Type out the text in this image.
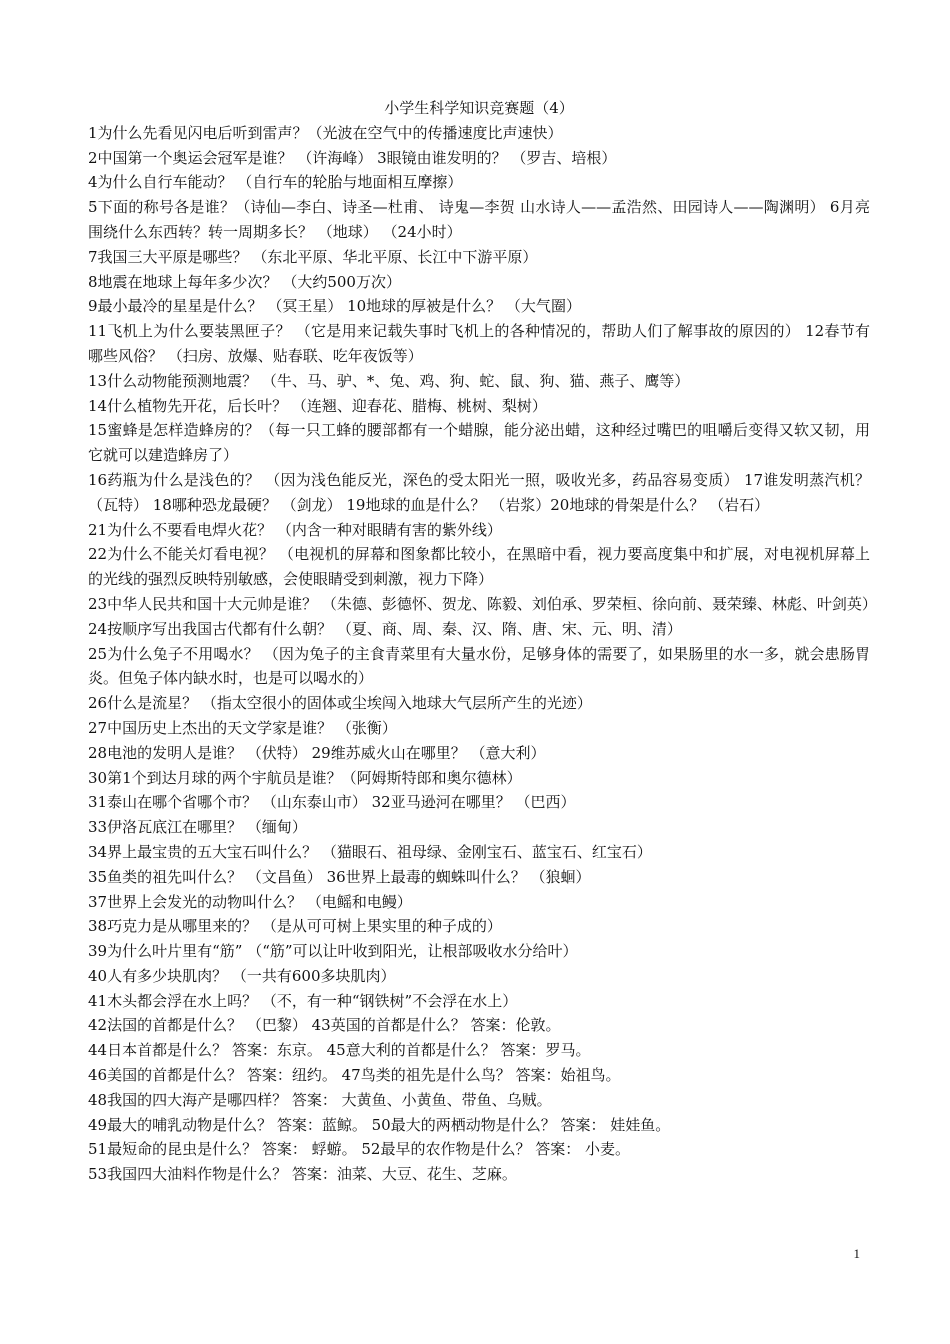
小学生科学知识竞赛题（4）
1为什么先看见闪电后听到雷声？（光波在空气中的传播速度比声速快）
2中国第一个奥运会冠军是谁？ （许海峰） 3眼镜由谁发明的？ （罗吉、培根）
4为什么自行车能动？ （自行车的轮胎与地面相互摩擦）
5下面的称号各是谁？（诗仙—李白、诗圣—杜甫、 诗鬼—李贺 山水诗人——孟浩然、田园诗人——陶渊明） 6月亮围绕什么东西转？转一周期多长？ （地球） （24小时）
7我国三大平原是哪些？ （东北平原、华北平原、长江中下游平原）
8地震在地球上每年多少次？ （大约500万次）
9最小最冷的星星是什么？ （冥王星） 10地球的厚被是什么？ （大气圈）
11飞机上为什么要装黑匣子？ （它是用来记载失事时飞机上的各种情况的，帮助人们了解事故的原因的） 12春节有哪些风俗？ （扫房、放爆、贴春联、吃年夜饭等）
13什么动物能预测地震？ （牛、马、驴、*、兔、鸡、狗、蛇、鼠、狗、猫、燕子、鹰等）
14什么植物先开花，后长叶？ （连翘、迎春花、腊梅、桃树、梨树）
15蜜蜂是怎样造蜂房的？（每一只工蜂的腰部都有一个蜡腺，能分泌出蜡，这种经过嘴巴的咀嚼后变得又软又韧，用它就可以建造蜂房了）
16药瓶为什么是浅色的？ （因为浅色能反光，深色的受太阳光一照，吸收光多，药品容易变质） 17谁发明蒸汽机？ （瓦特） 18哪种恐龙最硬？ （剑龙） 19地球的血是什么？ （岩浆）20地球的骨架是什么？ （岩石）
21为什么不要看电焊火花？ （内含一种对眼睛有害的紫外线）
22为什么不能关灯看电视？ （电视机的屏幕和图象都比较小，在黑暗中看，视力要高度集中和扩展，对电视机屏幕上的光线的强烈反映特别敏感，会使眼睛受到刺激，视力下降）
23中华人民共和国十大元帅是谁？ （朱德、彭德怀、贺龙、陈毅、刘伯承、罗荣桓、徐向前、聂荣臻、林彪、叶剑英）
24按顺序写出我国古代都有什么朝？ （夏、商、周、秦、汉、隋、唐、宋、元、明、清）
25为什么兔子不用喝水？ （因为兔子的主食青菜里有大量水份，足够身体的需要了，如果肠里的水一多，就会患肠胃炎。但兔子体内缺水时，也是可以喝水的）
26什么是流星？ （指太空很小的固体或尘埃闯入地球大气层所产生的光迹）
27中国历史上杰出的天文学家是谁？ （张衡）
28电池的发明人是谁？ （伏特） 29维苏威火山在哪里？ （意大利）
30第1个到达月球的两个宇航员是谁？（阿姆斯特郎和奥尔德林）
31泰山在哪个省哪个市？ （山东泰山市） 32亚马逊河在哪里？ （巴西）
33伊洛瓦底江在哪里？ （缅甸）
34界上最宝贵的五大宝石叫什么？ （猫眼石、祖母绿、金刚宝石、蓝宝石、红宝石）
35鱼类的祖先叫什么？ （文昌鱼） 36世界上最毒的蜘蛛叫什么？ （狼蛔）
37世界上会发光的动物叫什么？ （电鳐和电鳗）
38巧克力是从哪里来的？ （是从可可树上果实里的种子成的）
39为什么叶片里有“筋” （“筋”可以让叶收到阳光，让根部吸收水分给叶）
40人有多少块肌肉？ （一共有600多块肌肉）
41木头都会浮在水上吗？ （不，有一种“钢铁树”不会浮在水上）
42法国的首都是什么？ （巴黎） 43英国的首都是什么？ 答案：伦敦。
44日本首都是什么？ 答案：东京。 45意大利的首都是什么？ 答案：罗马。
46美国的首都是什么？ 答案：纽约。 47鸟类的祖先是什么鸟？ 答案：始祖鸟。
48我国的四大海产是哪四样？ 答案： 大黄鱼、小黄鱼、带鱼、乌贼。
49最大的哺乳动物是什么？ 答案：蓝鲸。 50最大的两栖动物是什么？ 答案： 娃娃鱼。
51最短命的昆虫是什么？ 答案： 蜉蝣。 52最早的农作物是什么？ 答案： 小麦。
53我国四大油料作物是什么？ 答案：油菜、大豆、花生、芝麻。
1
